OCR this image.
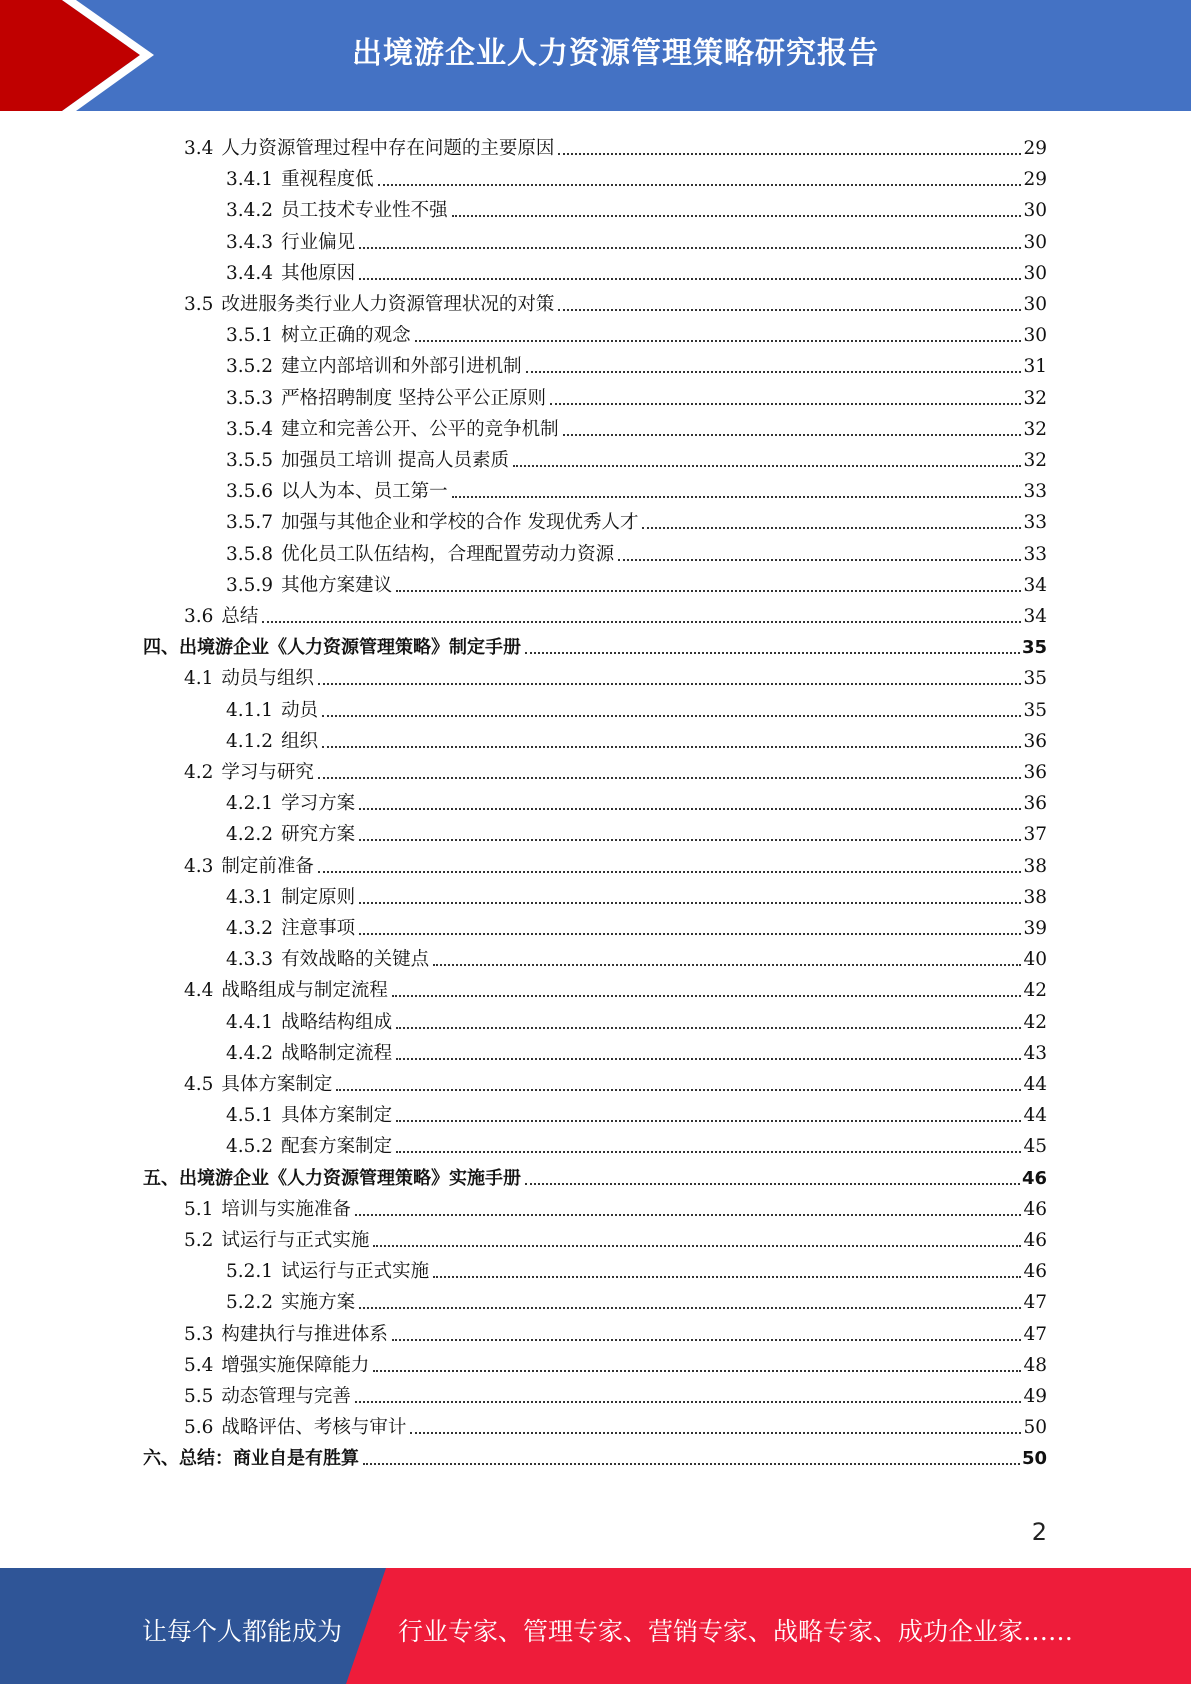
出境游企业人力资源管理策略研究报告
3.4 人力资源管理过程中存在问题的主要原因	29
3.4.1 重视程度低	29
3.4.2 员工技术专业性不强	30
3.4.3 行业偏见	30
3.4.4 其他原因	30
3.5 改进服务类行业人力资源管理状况的对策	30
3.5.1 树立正确的观念	30
3.5.2 建立内部培训和外部引进机制	31
3.5.3 严格招聘制度 坚持公平公正原则	32
3.5.4 建立和完善公开、公平的竞争机制	32
3.5.5 加强员工培训 提高人员素质	32
3.5.6 以人为本、员工第一	33
3.5.7 加强与其他企业和学校的合作 发现优秀人才	33
3.5.8 优化员工队伍结构，合理配置劳动力资源	33
3.5.9 其他方案建议	34
3.6 总结	34
四、出境游企业《人力资源管理策略》制定手册	35
4.1 动员与组织	35
4.1.1 动员	35
4.1.2 组织	36
4.2 学习与研究	36
4.2.1 学习方案	36
4.2.2 研究方案	37
4.3 制定前准备	38
4.3.1 制定原则	38
4.3.2 注意事项	39
4.3.3 有效战略的关键点	40
4.4 战略组成与制定流程	42
4.4.1 战略结构组成	42
4.4.2 战略制定流程	43
4.5 具体方案制定	44
4.5.1 具体方案制定	44
4.5.2 配套方案制定	45
五、出境游企业《人力资源管理策略》实施手册	46
5.1 培训与实施准备	46
5.2 试运行与正式实施	46
5.2.1 试运行与正式实施	46
5.2.2 实施方案	47
5.3 构建执行与推进体系	47
5.4 增强实施保障能力	48
5.5 动态管理与完善	49
5.6 战略评估、考核与审计	50
六、总结：商业自是有胜算	50
2
让每个人都能成为 行业专家、管理专家、营销专家、战略专家、成功企业家……
